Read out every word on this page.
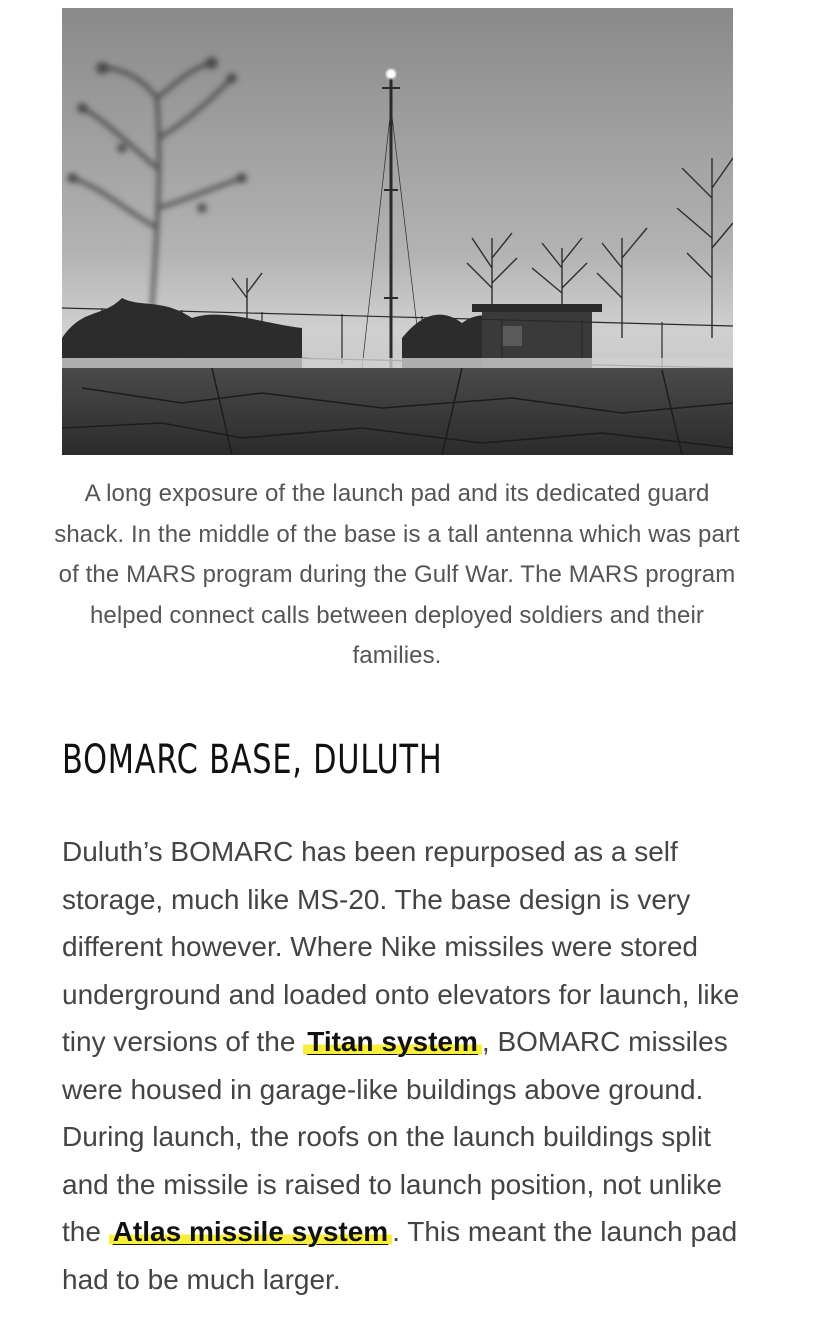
A long exposure of the launch pad and its dedicated guard shack. In the middle of the base is a tall antenna which was part of the MARS program during the Gulf War. The MARS program helped connect calls between deployed soldiers and their families.

BOMARC BASE, DULUTH

Duluth’s BOMARC has been repurposed as a self storage, much like MS-20. The base design is very different however. Where Nike missiles were stored underground and loaded onto elevators for launch, like tiny versions of the Titan system , BOMARC missiles were housed in garage-like buildings above ground. During launch, the roofs on the launch buildings split and the missile is raised to launch position, not unlike the Atlas missile system . This meant the launch pad had to be much larger.
